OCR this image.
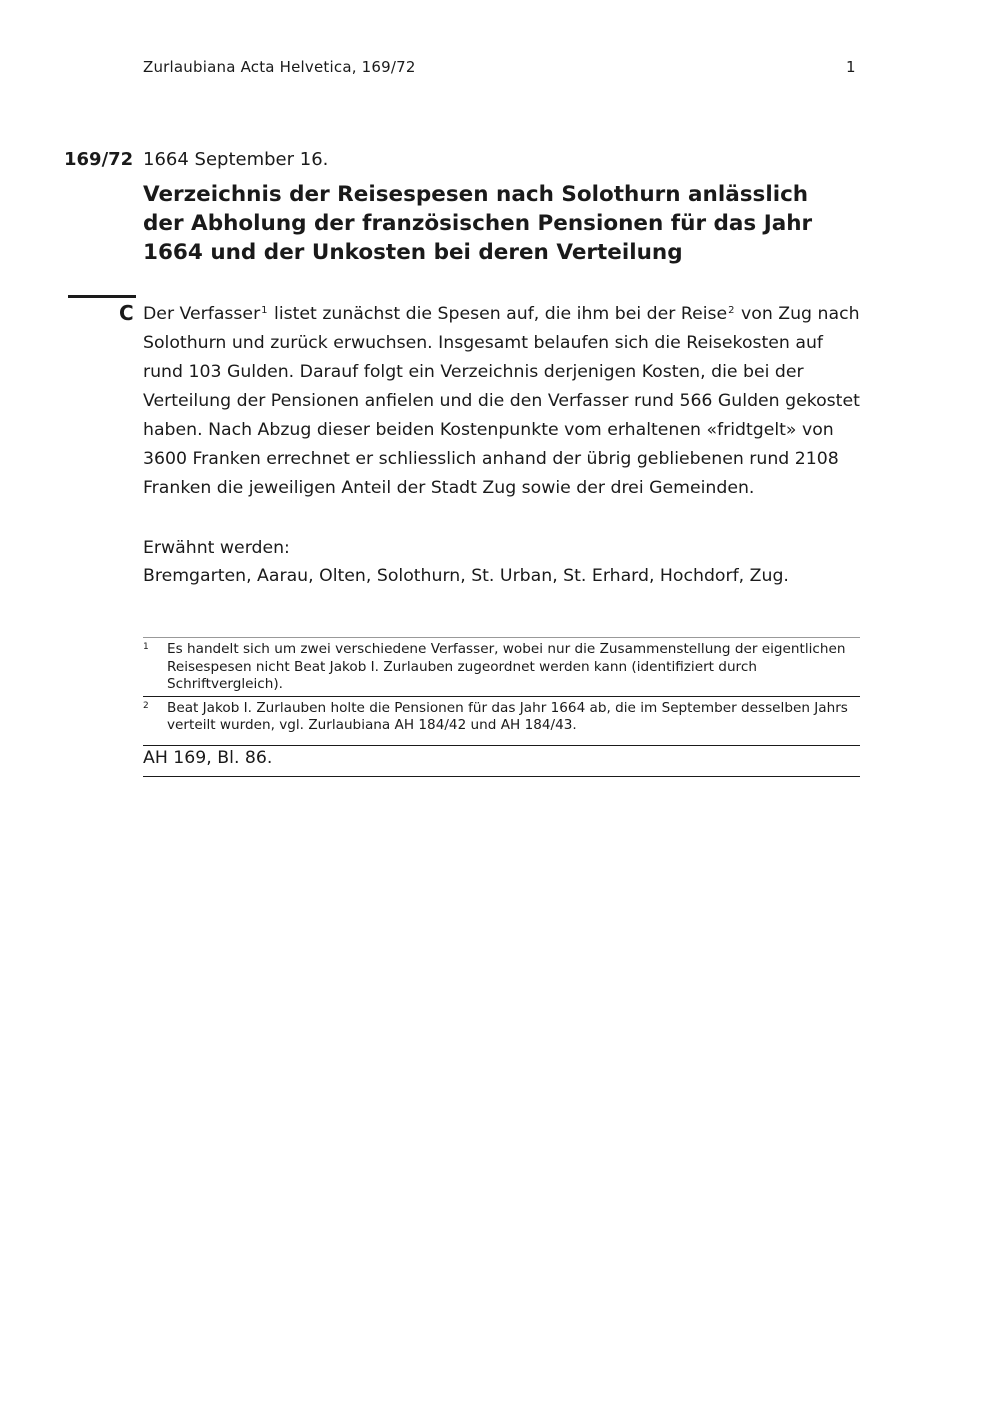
Zurlaubiana Acta Helvetica, 169/72	1
169/72 1664 September 16.
Verzeichnis der Reisespesen nach Solothurn anlässlich der Abholung der französischen Pensionen für das Jahr 1664 und der Unkosten bei deren Verteilung
C Der Verfasser$^1$ listet zunächst die Spesen auf, die ihm bei der Reise$^2$ von Zug nach Solothurn und zurück erwuchsen. Insgesamt belaufen sich die Reisekosten auf rund 103 Gulden. Darauf folgt ein Verzeichnis derjenigen Kosten, die bei der Verteilung der Pensionen anfielen und die den Verfasser rund 566 Gulden gekostet haben. Nach Abzug dieser beiden Kostenpunkte vom erhaltenen «fridtgelt» von 3600 Franken errechnet er schliesslich anhand der übrig gebliebenen rund 2108 Franken die jeweiligen Anteil der Stadt Zug sowie der drei Gemeinden.

Erwähnt werden:
Bremgarten, Aarau, Olten, Solothurn, St. Urban, St. Erhard, Hochdorf, Zug.
1 Es handelt sich um zwei verschiedene Verfasser, wobei nur die Zusammenstellung der eigentlichen Reisespesen nicht Beat Jakob I. Zurlauben zugeordnet werden kann (identifiziert durch Schriftvergleich).
2 Beat Jakob I. Zurlauben holte die Pensionen für das Jahr 1664 ab, die im September desselben Jahrs verteilt wurden, vgl. Zurlaubiana AH 184/42 und AH 184/43.
AH 169, Bl. 86.
